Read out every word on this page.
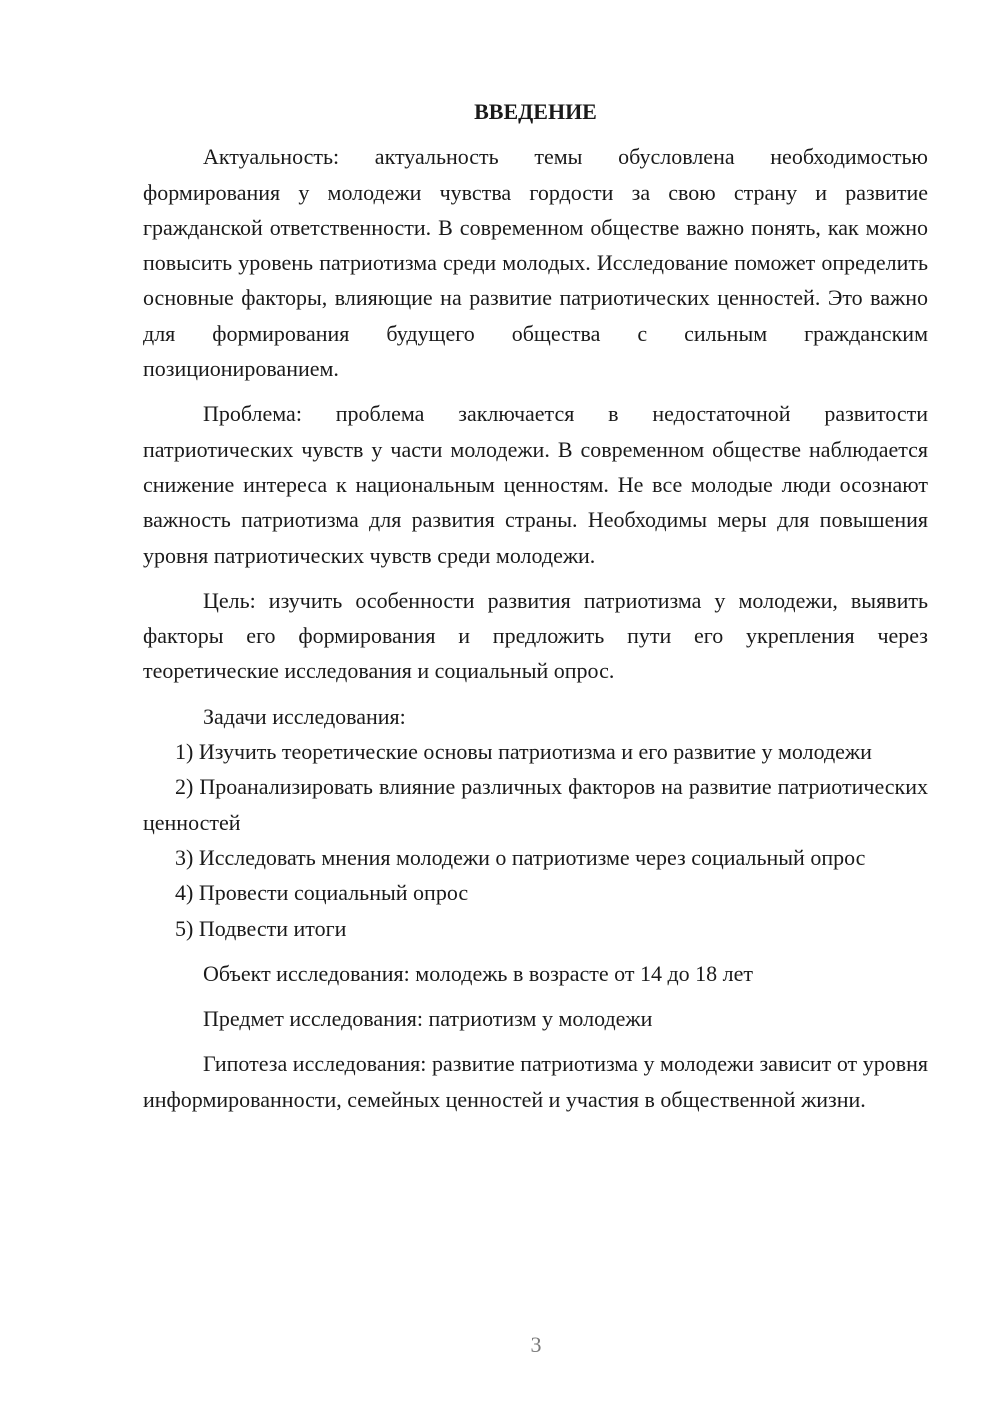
ВВЕДЕНИЕ

Актуальность: актуальность темы обусловлена необходимостью формирования у молодежи чувства гордости за свою страну и развитие гражданской ответственности. В современном обществе важно понять, как можно повысить уровень патриотизма среди молодых. Исследование поможет определить основные факторы, влияющие на развитие патриотических ценностей. Это важно для формирования будущего общества с сильным гражданским позиционированием.

Проблема: проблема заключается в недостаточной развитости патриотических чувств у части молодежи. В современном обществе наблюдается снижение интереса к национальным ценностям. Не все молодые люди осознают важность патриотизма для развития страны. Необходимы меры для повышения уровня патриотических чувств среди молодежи.

Цель: изучить особенности развития патриотизма у молодежи, выявить факторы его формирования и предложить пути его укрепления через теоретические исследования и социальный опрос.

Задачи исследования:

1) Изучить теоретические основы патриотизма и его развитие у молодежи

2) Проанализировать влияние различных факторов на развитие патриотических ценностей

3) Исследовать мнения молодежи о патриотизме через социальный опрос

4) Провести социальный опрос

5) Подвести итоги

Объект исследования: молодежь в возрасте от 14 до 18 лет

Предмет исследования: патриотизм у молодежи

Гипотеза исследования: развитие патриотизма у молодежи зависит от уровня информированности, семейных ценностей и участия в общественной жизни.

3
